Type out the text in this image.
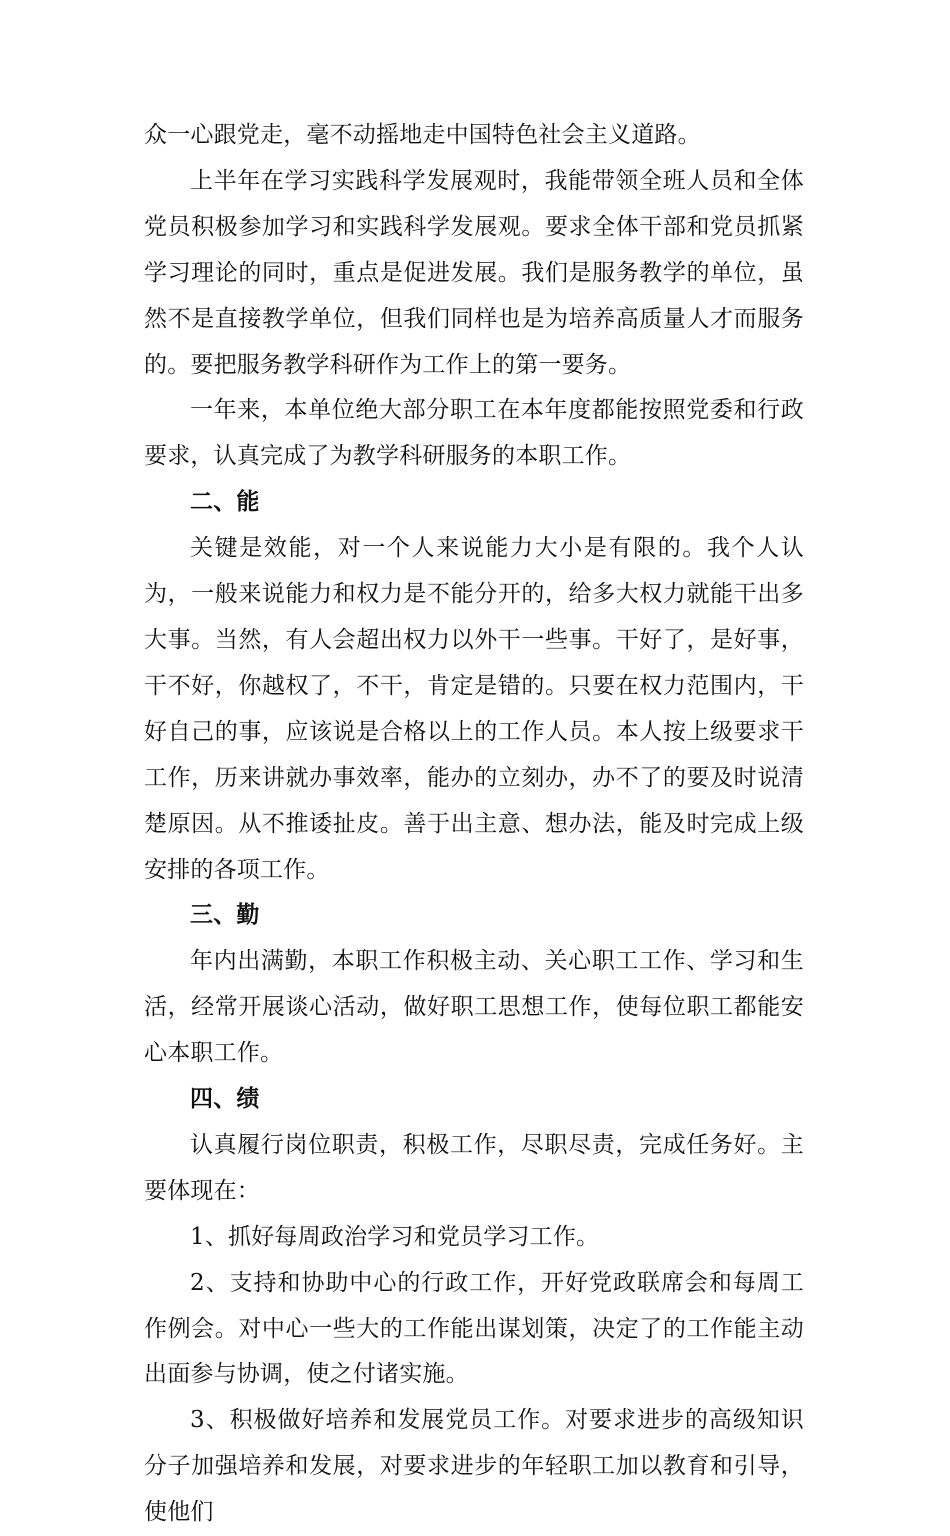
众一心跟党走，毫不动摇地走中国特色社会主义道路。

上半年在学习实践科学发展观时，我能带领全班人员和全体党员积极参加学习和实践科学发展观。要求全体干部和党员抓紧学习理论的同时，重点是促进发展。我们是服务教学的单位，虽然不是直接教学单位，但我们同样也是为培养高质量人才而服务的。要把服务教学科研作为工作上的第一要务。

一年来，本单位绝大部分职工在本年度都能按照党委和行政要求，认真完成了为教学科研服务的本职工作。

二、能

关键是效能，对一个人来说能力大小是有限的。我个人认为，一般来说能力和权力是不能分开的，给多大权力就能干出多大事。当然，有人会超出权力以外干一些事。干好了，是好事，干不好，你越权了，不干，肯定是错的。只要在权力范围内，干好自己的事，应该说是合格以上的工作人员。本人按上级要求干工作，历来讲就办事效率，能办的立刻办，办不了的要及时说清楚原因。从不推诿扯皮。善于出主意、想办法，能及时完成上级安排的各项工作。

三、勤

年内出满勤，本职工作积极主动、关心职工工作、学习和生活，经常开展谈心活动，做好职工思想工作，使每位职工都能安心本职工作。

四、绩

认真履行岗位职责，积极工作，尽职尽责，完成任务好。主要体现在：

1、抓好每周政治学习和党员学习工作。

2、支持和协助中心的行政工作，开好党政联席会和每周工作例会。对中心一些大的工作能出谋划策，决定了的工作能主动出面参与协调，使之付诸实施。

3、积极做好培养和发展党员工作。对要求进步的高级知识分子加强培养和发展，对要求进步的年轻职工加以教育和引导，使他们
